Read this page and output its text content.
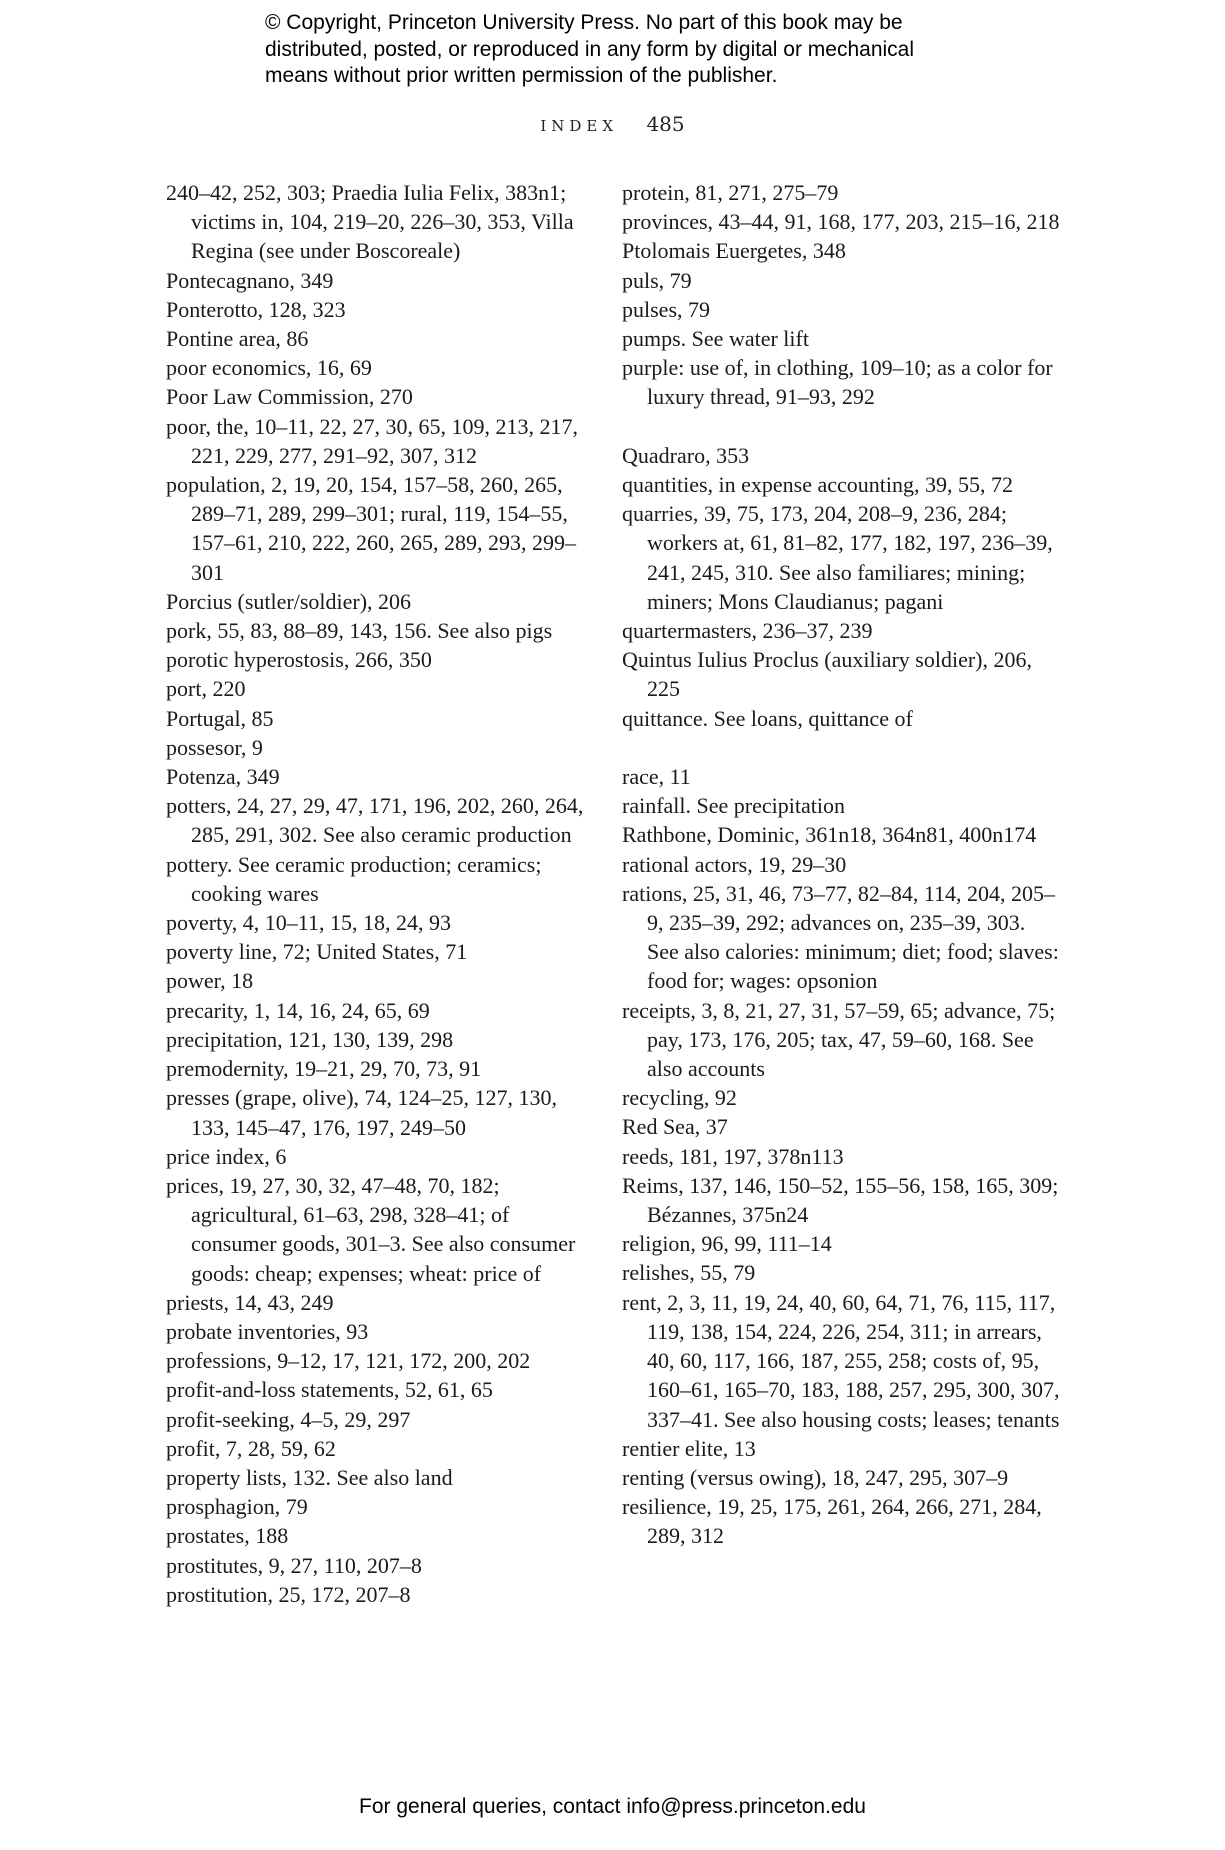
© Copyright, Princeton University Press. No part of this book may be
distributed, posted, or reproduced in any form by digital or mechanical
means without prior written permission of the publisher.
INDEX 485

240–42, 252, 303; Praedia Iulia Felix, 383n1; victims in, 104, 219–20, 226–30, 353, Villa Regina (see under Boscoreale)

Pontecagnano, 349

Ponterotto, 128, 323

Pontine area, 86

poor economics, 16, 69

Poor Law Commission, 270

poor, the, 10–11, 22, 27, 30, 65, 109, 213, 217, 221, 229, 277, 291–92, 307, 312

population, 2, 19, 20, 154, 157–58, 260, 265, 289–71, 289, 299–301; rural, 119, 154–55, 157–61, 210, 222, 260, 265, 289, 293, 299–301

Porcius (sutler/soldier), 206

pork, 55, 83, 88–89, 143, 156. See also pigs

porotic hyperostosis, 266, 350

port, 220

Portugal, 85

possesor, 9

Potenza, 349

potters, 24, 27, 29, 47, 171, 196, 202, 260, 264, 285, 291, 302. See also ceramic production

pottery. See ceramic production; ceramics; cooking wares

poverty, 4, 10–11, 15, 18, 24, 93

poverty line, 72; United States, 71

power, 18

precarity, 1, 14, 16, 24, 65, 69

precipitation, 121, 130, 139, 298

premodernity, 19–21, 29, 70, 73, 91

presses (grape, olive), 74, 124–25, 127, 130, 133, 145–47, 176, 197, 249–50

price index, 6

prices, 19, 27, 30, 32, 47–48, 70, 182; agricultural, 61–63, 298, 328–41; of consumer goods, 301–3. See also consumer goods: cheap; expenses; wheat: price of

priests, 14, 43, 249

probate inventories, 93

professions, 9–12, 17, 121, 172, 200, 202

profit-and-loss statements, 52, 61, 65

profit-seeking, 4–5, 29, 297

profit, 7, 28, 59, 62

property lists, 132. See also land

prosphagion, 79

prostates, 188

prostitutes, 9, 27, 110, 207–8

prostitution, 25, 172, 207–8

protein, 81, 271, 275–79

provinces, 43–44, 91, 168, 177, 203, 215–16, 218

Ptolomais Euergetes, 348

puls, 79

pulses, 79

pumps. See water lift

purple: use of, in clothing, 109–10; as a color for luxury thread, 91–93, 292

Quadraro, 353

quantities, in expense accounting, 39, 55, 72

quarries, 39, 75, 173, 204, 208–9, 236, 284; workers at, 61, 81–82, 177, 182, 197, 236–39, 241, 245, 310. See also familiares; mining; miners; Mons Claudianus; pagani

quartermasters, 236–37, 239

Quintus Iulius Proclus (auxiliary soldier), 206, 225

quittance. See loans, quittance of

race, 11

rainfall. See precipitation

Rathbone, Dominic, 361n18, 364n81, 400n174

rational actors, 19, 29–30

rations, 25, 31, 46, 73–77, 82–84, 114, 204, 205–9, 235–39, 292; advances on, 235–39, 303. See also calories: minimum; diet; food; slaves: food for; wages: opsonion

receipts, 3, 8, 21, 27, 31, 57–59, 65; advance, 75; pay, 173, 176, 205; tax, 47, 59–60, 168. See also accounts

recycling, 92

Red Sea, 37

reeds, 181, 197, 378n113

Reims, 137, 146, 150–52, 155–56, 158, 165, 309; Bézannes, 375n24

religion, 96, 99, 111–14

relishes, 55, 79

rent, 2, 3, 11, 19, 24, 40, 60, 64, 71, 76, 115, 117, 119, 138, 154, 224, 226, 254, 311; in arrears, 40, 60, 117, 166, 187, 255, 258; costs of, 95, 160–61, 165–70, 183, 188, 257, 295, 300, 307, 337–41. See also housing costs; leases; tenants

rentier elite, 13

renting (versus owing), 18, 247, 295, 307–9

resilience, 19, 25, 175, 261, 264, 266, 271, 284, 289, 312

For general queries, contact info@press.princeton.edu
